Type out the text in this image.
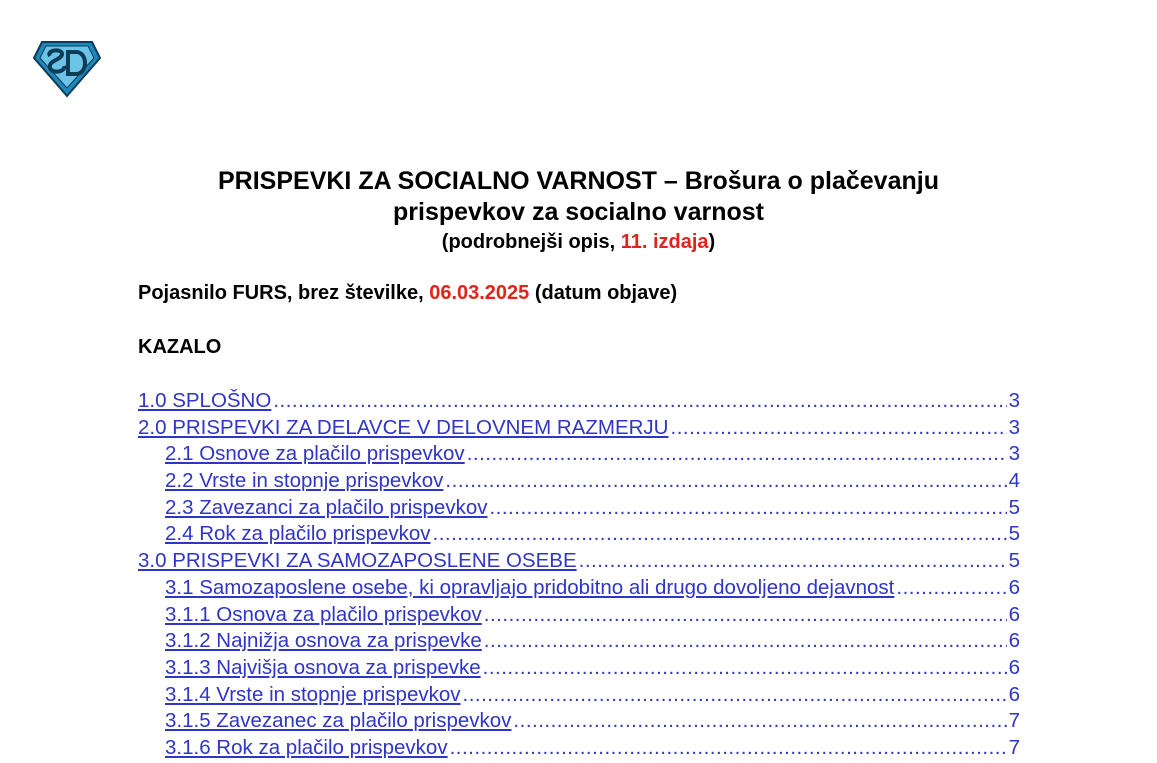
PRISPEVKI ZA SOCIALNO VARNOST – Brošura o plačevanju
prispevkov za socialno varnost
(podrobnejši opis, 11. izdaja)
Pojasnilo FURS, brez številke, 06.03.2025 (datum objave)
KAZALO
1.0 SPLOŠNO .....	3
2.0 PRISPEVKI ZA DELAVCE V DELOVNEM RAZMERJU .....	3
2.1 Osnove za plačilo prispevkov .....	3
2.2 Vrste in stopnje prispevkov .....	4
2.3 Zavezanci za plačilo prispevkov .....	5
2.4 Rok za plačilo prispevkov .....	5
3.0 PRISPEVKI ZA SAMOZAPOSLENE OSEBE .....	5
3.1 Samozaposlene osebe, ki opravljajo pridobitno ali drugo dovoljeno dejavnost .....	6
3.1.1 Osnova za plačilo prispevkov .....	6
3.1.2 Najnižja osnova za prispevke .....	6
3.1.3 Najvišja osnova za prispevke .....	6
3.1.4 Vrste in stopnje prispevkov .....	6
3.1.5 Zavezanec za plačilo prispevkov .....	7
3.1.6 Rok za plačilo prispevkov .....	7
